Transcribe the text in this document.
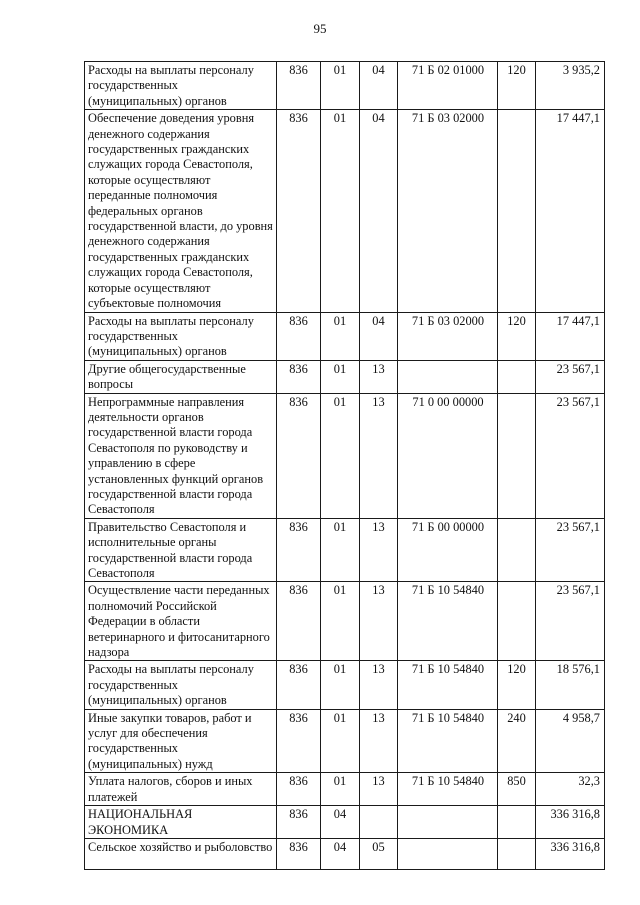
95
Расходы на выплаты персоналу государственных (муниципальных) органов	836	01	04	71 Б 02 01000	120	3 935,2
Обеспечение доведения уровня денежного содержания государственных гражданских служащих города Севастополя, которые осуществляют переданные полномочия федеральных органов государственной власти, до уровня денежного содержания государственных гражданских служащих города Севастополя, которые осуществляют субъектовые полномочия	836	01	04	71 Б 03 02000		17 447,1
Расходы на выплаты персоналу государственных (муниципальных) органов	836	01	04	71 Б 03 02000	120	17 447,1
Другие общегосударственные вопросы	836	01	13			23 567,1
Непрограммные направления деятельности органов государственной власти города Севастополя по руководству и управлению в сфере установленных функций органов государственной власти города Севастополя	836	01	13	71 0 00 00000		23 567,1
Правительство Севастополя и исполнительные органы государственной власти города Севастополя	836	01	13	71 Б 00 00000		23 567,1
Осуществление части переданных полномочий Российской Федерации в области ветеринарного и фитосанитарного надзора	836	01	13	71 Б 10 54840		23 567,1
Расходы на выплаты персоналу государственных (муниципальных) органов	836	01	13	71 Б 10 54840	120	18 576,1
Иные закупки товаров, работ и услуг для обеспечения государственных (муниципальных) нужд	836	01	13	71 Б 10 54840	240	4 958,7
Уплата налогов, сборов и иных платежей	836	01	13	71 Б 10 54840	850	32,3
НАЦИОНАЛЬНАЯ ЭКОНОМИКА	836	04				336 316,8
Сельское хозяйство и рыболовство	836	04	05			336 316,8
